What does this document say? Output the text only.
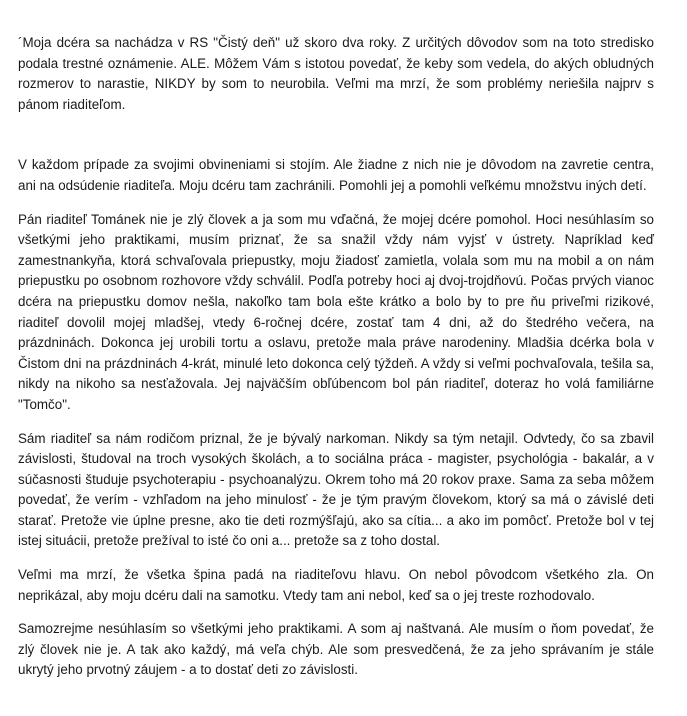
´Moja dcéra sa nachádza v RS "Čistý deň" už skoro dva roky. Z určitých dôvodov som na toto stredisko podala trestné oznámenie. ALE. Môžem Vám s istotou povedať, že keby som vedela, do akých obludných rozmerov to narastie, NIKDY by som to neurobila. Veľmi ma mrzí, že som problémy neriešila najprv s pánom riaditeľom.

V každom prípade za svojimi obvineniami si stojím. Ale žiadne z nich nie je dôvodom na zavretie centra, ani na odsúdenie riaditeľa. Moju dcéru tam zachránili. Pomohli jej a pomohli veľkému množstvu iných detí.

Pán riaditeľ Tománek nie je zlý človek a ja som mu vďačná, že mojej dcére pomohol. Hoci nesúhlasím so všetkými jeho praktikami, musím priznať, že sa snažil vždy nám vyjsť v ústrety. Napríklad keď zamestnankyňa, ktorá schvaľovala priepustky, moju žiadosť zamietla, volala som mu na mobil a on nám priepustku po osobnom rozhovore vždy schválil. Podľa potreby hoci aj dvoj-trojdňovú. Počas prvých vianoc dcéra na priepustku domov nešla, nakoľko tam bola ešte krátko a bolo by to pre ňu priveľmi rizikové, riaditeľ dovolil mojej mladšej, vtedy 6-ročnej dcére, zostať tam 4 dni, až do štedrého večera, na prázdninách. Dokonca jej urobili tortu a oslavu, pretože mala práve narodeniny. Mladšia dcérka bola v Čistom dni na prázdninách 4-krát, minulé leto dokonca celý týždeň. A vždy si veľmi pochvaľovala, tešila sa, nikdy na nikoho sa nesťažovala. Jej najväčším obľúbencom bol pán riaditeľ, doteraz ho volá familiárne "Tomčo".

Sám riaditeľ sa nám rodičom priznal, že je bývalý narkoman. Nikdy sa tým netajil. Odvtedy, čo sa zbavil závislosti, študoval na troch vysokých školách, a to sociálna práca - magister, psychológia - bakalár, a v súčasnosti študuje psychoterapiu - psychoanalýzu. Okrem toho má 20 rokov praxe. Sama za seba môžem povedať, že verím - vzhľadom na jeho minulosť - že je tým pravým človekom, ktorý sa má o závislé deti starať. Pretože vie úplne presne, ako tie deti rozmýšľajú, ako sa cítia... a ako im pomôcť. Pretože bol v tej istej situácii, pretože prežíval to isté čo oni a... pretože sa z toho dostal.

Veľmi ma mrzí, že všetka špina padá na riaditeľovu hlavu. On nebol pôvodcom všetkého zla. On neprikázal, aby moju dcéru dali na samotku. Vtedy tam ani nebol, keď sa o jej treste rozhodovalo.

Samozrejme nesúhlasím so všetkými jeho praktikami. A som aj naštvaná. Ale musím o ňom povedať, že zlý človek nie je. A tak ako každý, má veľa chýb. Ale som presvedčená, že za jeho správaním je stále ukrytý jeho prvotný záujem - a to dostať deti zo závislosti.
